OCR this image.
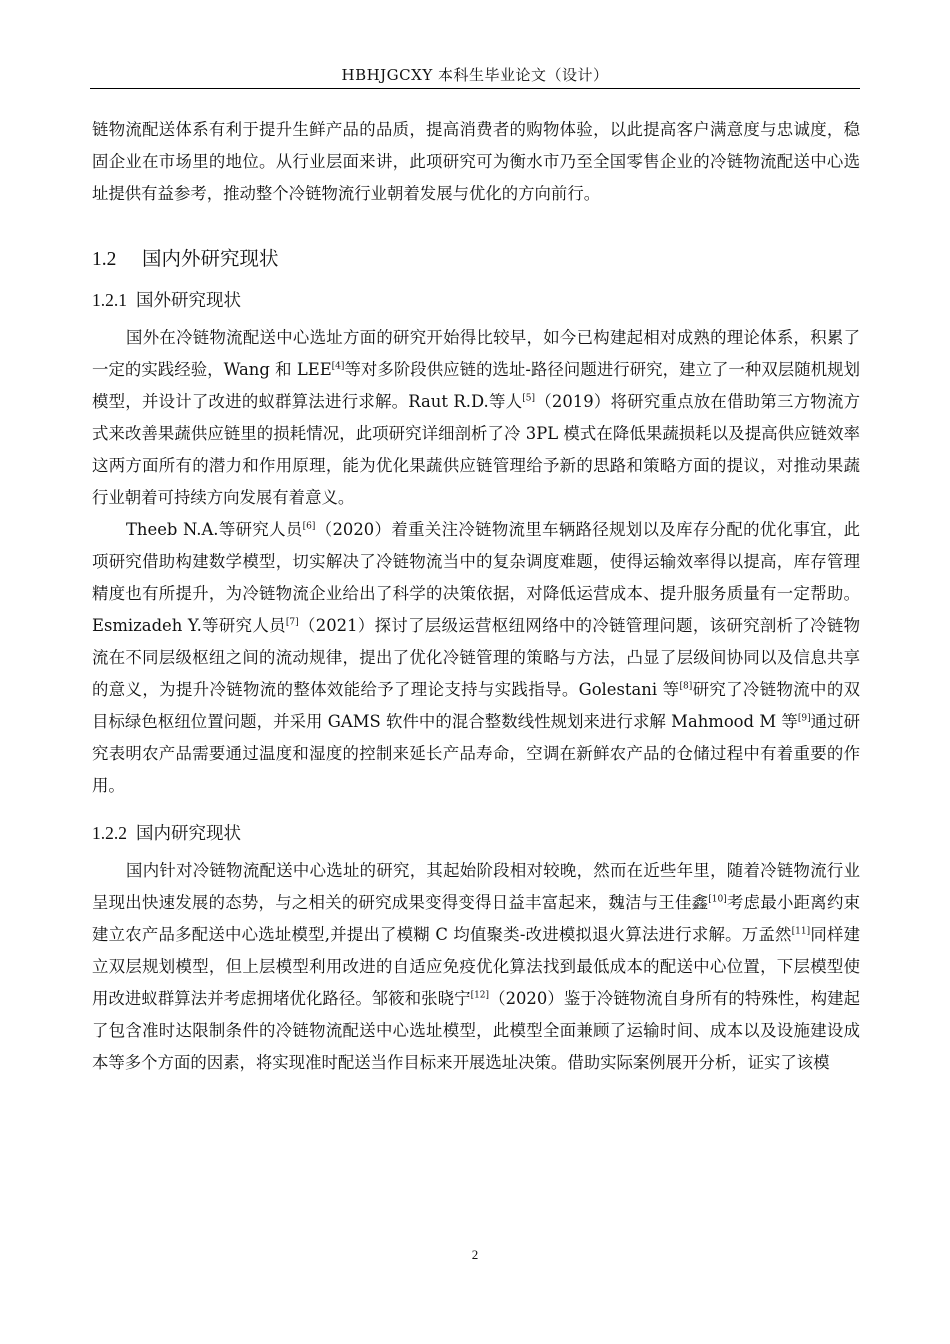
HBHJGCXY 本科生毕业论文（设计）

链物流配送体系有利于提升生鲜产品的品质，提高消费者的购物体验，以此提高客户满意度与忠诚度，稳固企业在市场里的地位。从行业层面来讲，此项研究可为衡水市乃至全国零售企业的冷链物流配送中心选址提供有益参考，推动整个冷链物流行业朝着发展与优化的方向前行。

1.2 国内外研究现状
1.2.1 国外研究现状

国外在冷链物流配送中心选址方面的研究开始得比较早，如今已构建起相对成熟的理论体系，积累了一定的实践经验，Wang 和 LEE[4]等对多阶段供应链的选址-路径问题进行研究，建立了一种双层随机规划模型，并设计了改进的蚁群算法进行求解。Raut R.D.等人[5]（2019）将研究重点放在借助第三方物流方式来改善果蔬供应链里的损耗情况，此项研究详细剖析了冷 3PL 模式在降低果蔬损耗以及提高供应链效率这两方面所有的潜力和作用原理，能为优化果蔬供应链管理给予新的思路和策略方面的提议，对推动果蔬行业朝着可持续方向发展有着意义。

Theeb N.A.等研究人员[6]（2020）着重关注冷链物流里车辆路径规划以及库存分配的优化事宜，此项研究借助构建数学模型，切实解决了冷链物流当中的复杂调度难题，使得运输效率得以提高，库存管理精度也有所提升，为冷链物流企业给出了科学的决策依据，对降低运营成本、提升服务质量有一定帮助。Esmizadeh Y.等研究人员[7]（2021）探讨了层级运营枢纽网络中的冷链管理问题，该研究剖析了冷链物流在不同层级枢纽之间的流动规律，提出了优化冷链管理的策略与方法，凸显了层级间协同以及信息共享的意义，为提升冷链物流的整体效能给予了理论支持与实践指导。Golestani 等[8]研究了冷链物流中的双目标绿色枢纽位置问题，并采用 GAMS 软件中的混合整数线性规划来进行求解 Mahmood M 等[9]通过研究表明农产品需要通过温度和湿度的控制来延长产品寿命，空调在新鲜农产品的仓储过程中有着重要的作用。

1.2.2 国内研究现状

国内针对冷链物流配送中心选址的研究，其起始阶段相对较晚，然而在近些年里，随着冷链物流行业呈现出快速发展的态势，与之相关的研究成果变得变得日益丰富起来，魏洁与王佳鑫[10]考虑最小距离约束建立农产品多配送中心选址模型,并提出了模糊 C 均值聚类-改进模拟退火算法进行求解。万孟然[11]同样建立双层规划模型，但上层模型利用改进的自适应免疫优化算法找到最低成本的配送中心位置，下层模型使用改进蚁群算法并考虑拥堵优化路径。邹筱和张晓宁[12]（2020）鉴于冷链物流自身所有的特殊性，构建起了包含准时达限制条件的冷链物流配送中心选址模型，此模型全面兼顾了运输时间、成本以及设施建设成本等多个方面的因素，将实现准时配送当作目标来开展选址决策。借助实际案例展开分析，证实了该模

2
